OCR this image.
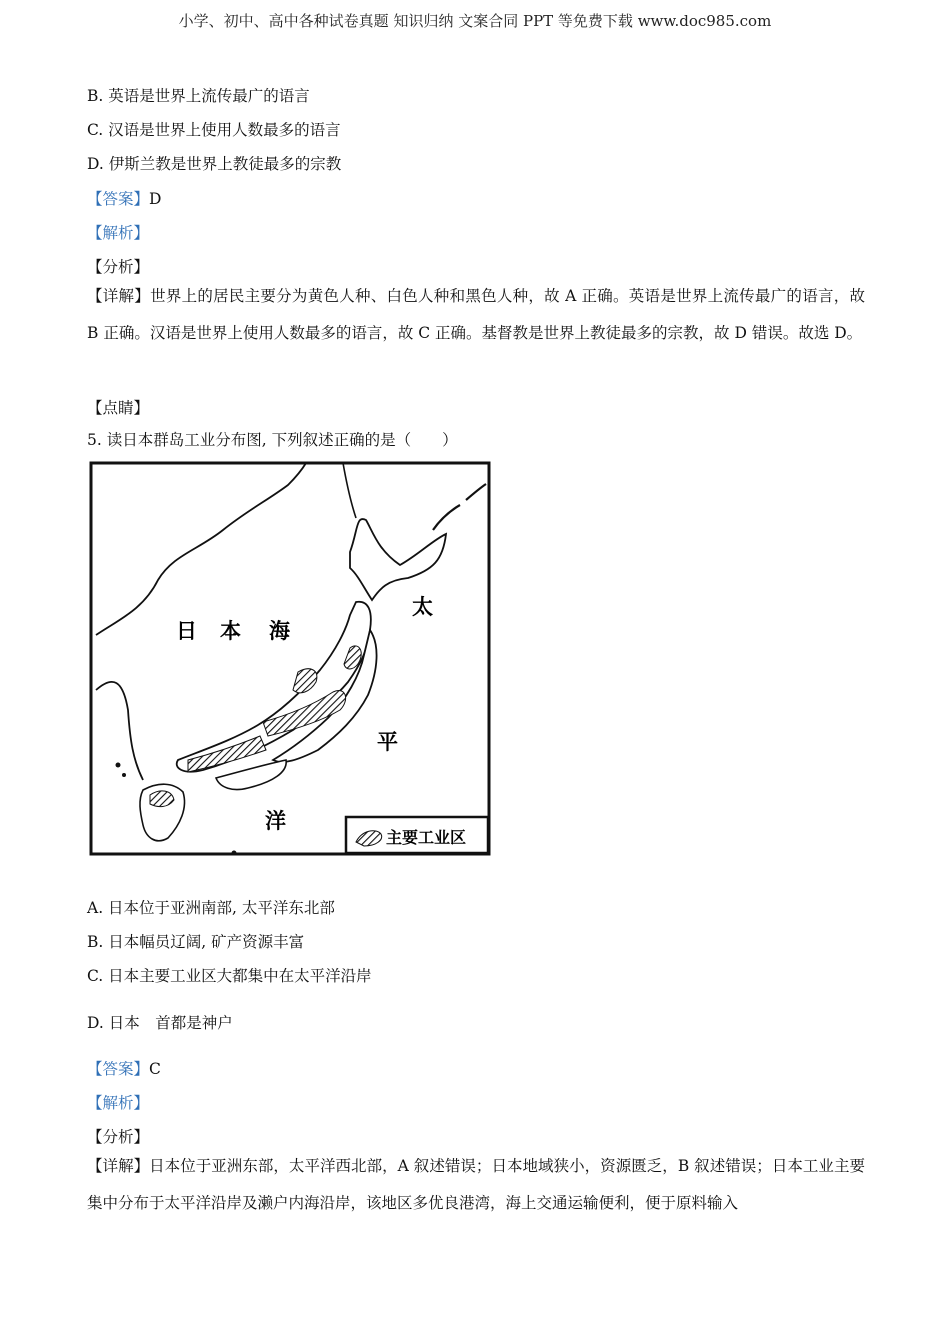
小学、初中、高中各种试卷真题 知识归纳 文案合同 PPT 等免费下载 www.doc985.com
B. 英语是世界上流传最广的语言
C. 汉语是世界上使用人数最多的语言
D. 伊斯兰教是世界上教徒最多的宗教
【答案】D
【解析】
【分析】
【详解】世界上的居民主要分为黄色人种、白色人种和黑色人种，故 A 正确。英语是世界上流传最广的语言，故 B 正确。汉语是世界上使用人数最多的语言，故 C 正确。基督教是世界上教徒最多的宗教，故 D 错误。故选 D。
【点睛】
5. 读日本群岛工业分布图, 下列叙述正确的是（　　）
日 本 海
太
平
洋
主要工业区
A. 日本位于亚洲南部, 太平洋东北部
B. 日本幅员辽阔, 矿产资源丰富
C. 日本主要工业区大都集中在太平洋沿岸
D. 日本　首都是神户
【答案】C
【解析】
【分析】
【详解】日本位于亚洲东部，太平洋西北部，A 叙述错误；日本地域狭小，资源匮乏，B 叙述错误；日本工业主要集中分布于太平洋沿岸及濑户内海沿岸，该地区多优良港湾，海上交通运输便利，便于原料输入
